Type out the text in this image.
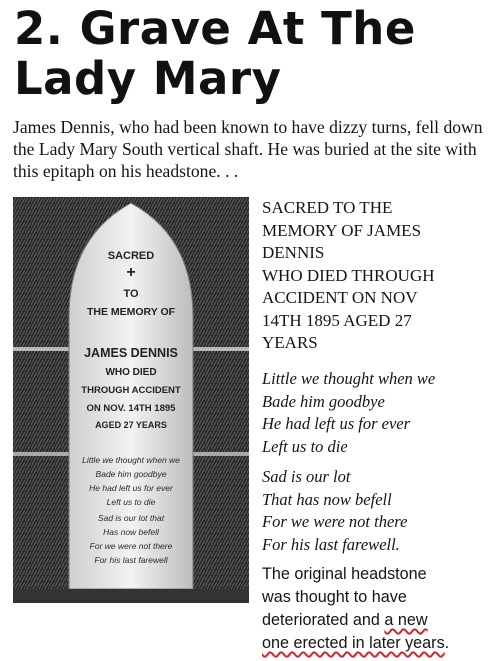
2. Grave At The
Lady Mary

James Dennis, who had been known to have dizzy turns, fell down the Lady Mary South vertical shaft. He was buried at the site with this epitaph on his headstone. . .

SACRED
+
TO
THE MEMORY OF
JAMES DENNIS
WHO DIED
THROUGH ACCIDENT
ON NOV. 14TH 1895
AGED 27 YEARS
Little we thought when we
Bade him goodbye
He had left us for ever
Left us to die
Sad is our lot that
Has now befell
For we were not there
For his last farewell
SACRED TO THE
MEMORY OF JAMES
DENNIS
WHO DIED THROUGH
ACCIDENT ON NOV
14TH 1895 AGED 27
YEARS
Little we thought when we
Bade him goodbye
He had left us for ever
Left us to die
Sad is our lot
That has now befell
For we were not there
For his last farewell.
The original headstone
was thought to have
deteriorated and a new
one erected in later years.
